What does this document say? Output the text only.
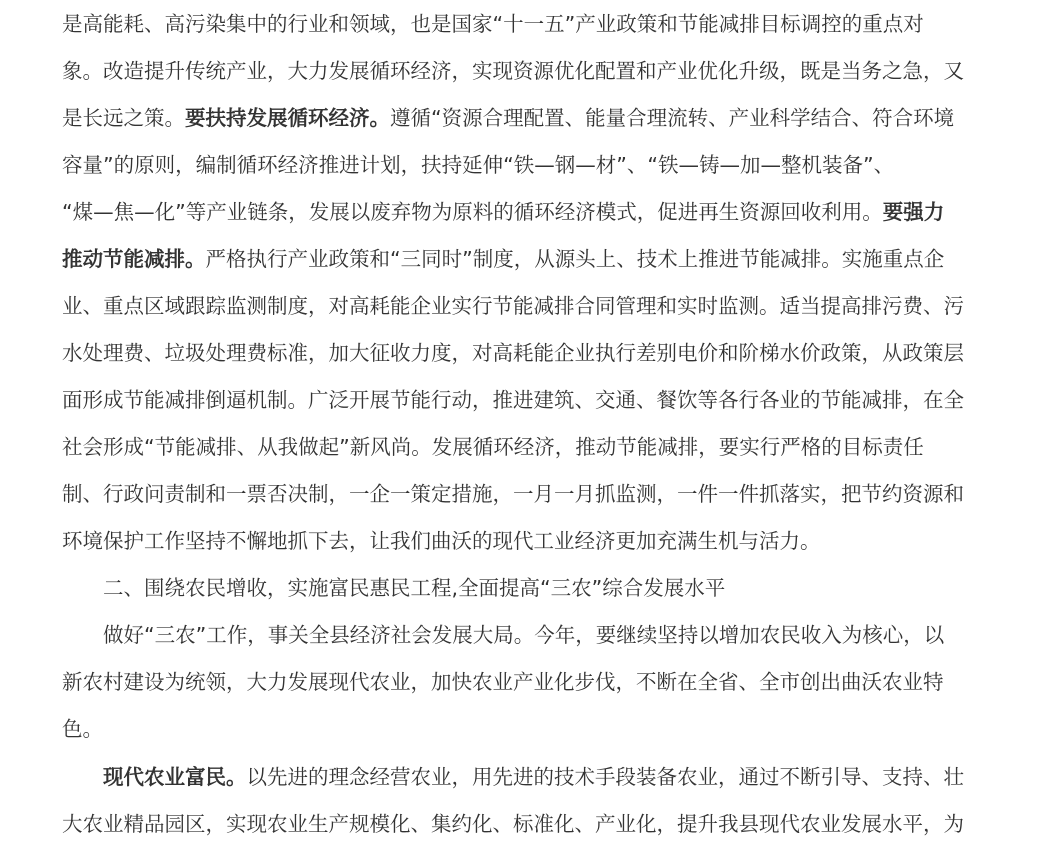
是高能耗、高污染集中的行业和领域，也是国家“十一五”产业政策和节能减排目标调控的重点对
象。改造提升传统产业，大力发展循环经济，实现资源优化配置和产业优化升级，既是当务之急，又
是长远之策。要扶持发展循环经济。遵循“资源合理配置、能量合理流转、产业科学结合、符合环境
容量”的原则，编制循环经济推进计划，扶持延伸“铁—钢—材”、“铁—铸—加—整机装备”、
“煤—焦—化”等产业链条，发展以废弃物为原料的循环经济模式，促进再生资源回收利用。要强力
推动节能减排。严格执行产业政策和“三同时”制度，从源头上、技术上推进节能减排。实施重点企
业、重点区域跟踪监测制度，对高耗能企业实行节能减排合同管理和实时监测。适当提高排污费、污
水处理费、垃圾处理费标准，加大征收力度，对高耗能企业执行差别电价和阶梯水价政策，从政策层
面形成节能减排倒逼机制。广泛开展节能行动，推进建筑、交通、餐饮等各行各业的节能减排，在全
社会形成“节能减排、从我做起”新风尚。发展循环经济，推动节能减排，要实行严格的目标责任
制、行政问责制和一票否决制，一企一策定措施，一月一月抓监测，一件一件抓落实，把节约资源和
环境保护工作坚持不懈地抓下去，让我们曲沃的现代工业经济更加充满生机与活力。
二、围绕农民增收，实施富民惠民工程,全面提高“三农”综合发展水平
做好“三农”工作，事关全县经济社会发展大局。今年，要继续坚持以增加农民收入为核心，以
新农村建设为统领，大力发展现代农业，加快农业产业化步伐，不断在全省、全市创出曲沃农业特
色。
现代农业富民。以先进的理念经营农业，用先进的技术手段装备农业，通过不断引导、支持、壮
大农业精品园区，实现农业生产规模化、集约化、标准化、产业化，提升我县现代农业发展水平，为
